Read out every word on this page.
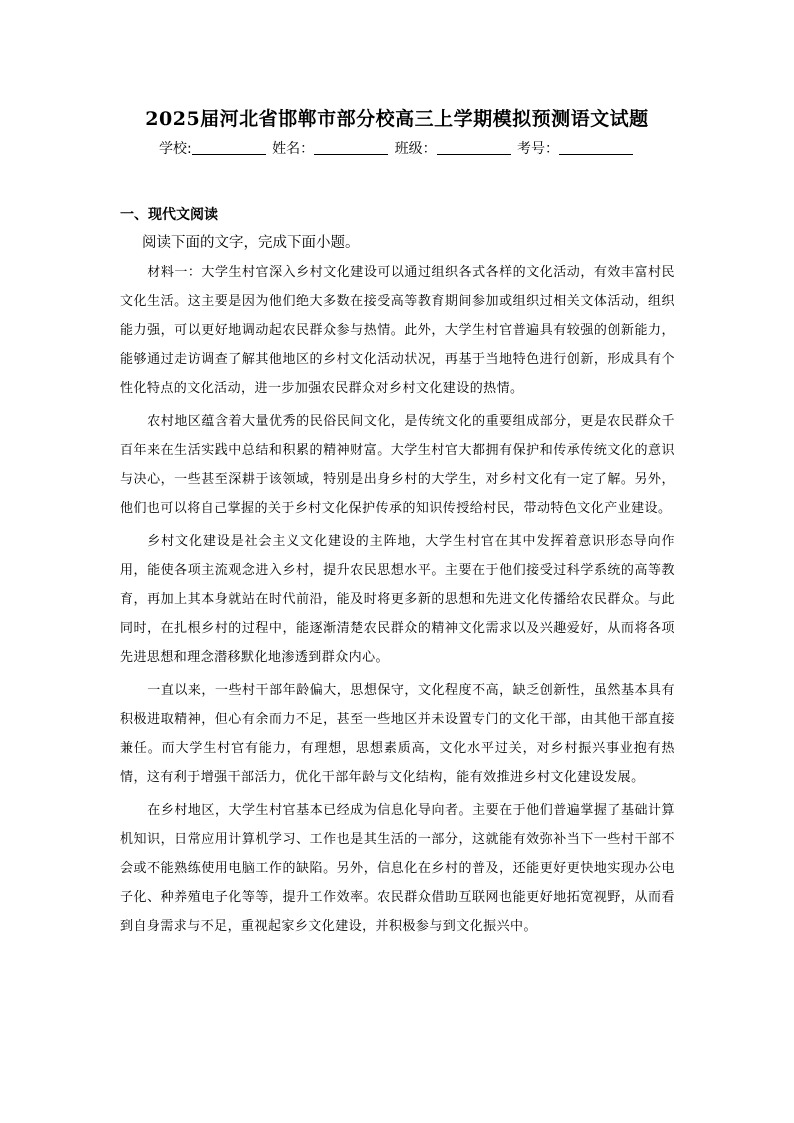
2025届河北省邯郸市部分校高三上学期模拟预测语文试题
学校:	姓名：	班级：	考号：
一、现代文阅读
阅读下面的文字，完成下面小题。

材料一：大学生村官深入乡村文化建设可以通过组织各式各样的文化活动，有效丰富村民文化生活。这主要是因为他们绝大多数在接受高等教育期间参加或组织过相关文体活动，组织能力强，可以更好地调动起农民群众参与热情。此外，大学生村官普遍具有较强的创新能力，能够通过走访调查了解其他地区的乡村文化活动状况，再基于当地特色进行创新，形成具有个性化特点的文化活动，进一步加强农民群众对乡村文化建设的热情。

农村地区蕴含着大量优秀的民俗民间文化，是传统文化的重要组成部分，更是农民群众千百年来在生活实践中总结和积累的精神财富。大学生村官大都拥有保护和传承传统文化的意识与决心，一些甚至深耕于该领域，特别是出身乡村的大学生，对乡村文化有一定了解。另外，他们也可以将自己掌握的关于乡村文化保护传承的知识传授给村民，带动特色文化产业建设。

乡村文化建设是社会主义文化建设的主阵地，大学生村官在其中发挥着意识形态导向作用，能使各项主流观念进入乡村，提升农民思想水平。主要在于他们接受过科学系统的高等教育，再加上其本身就站在时代前沿，能及时将更多新的思想和先进文化传播给农民群众。与此同时，在扎根乡村的过程中，能逐渐清楚农民群众的精神文化需求以及兴趣爱好，从而将各项先进思想和理念潜移默化地渗透到群众内心。

一直以来，一些村干部年龄偏大，思想保守，文化程度不高，缺乏创新性，虽然基本具有积极进取精神，但心有余而力不足，甚至一些地区并未设置专门的文化干部，由其他干部直接兼任。而大学生村官有能力，有理想，思想素质高，文化水平过关，对乡村振兴事业抱有热情，这有利于增强干部活力，优化干部年龄与文化结构，能有效推进乡村文化建设发展。

在乡村地区，大学生村官基本已经成为信息化导向者。主要在于他们普遍掌握了基础计算机知识，日常应用计算机学习、工作也是其生活的一部分，这就能有效弥补当下一些村干部不会或不能熟练使用电脑工作的缺陷。另外，信息化在乡村的普及，还能更好更快地实现办公电子化、种养殖电子化等等，提升工作效率。农民群众借助互联网也能更好地拓宽视野，从而看到自身需求与不足，重视起家乡文化建设，并积极参与到文化振兴中。
